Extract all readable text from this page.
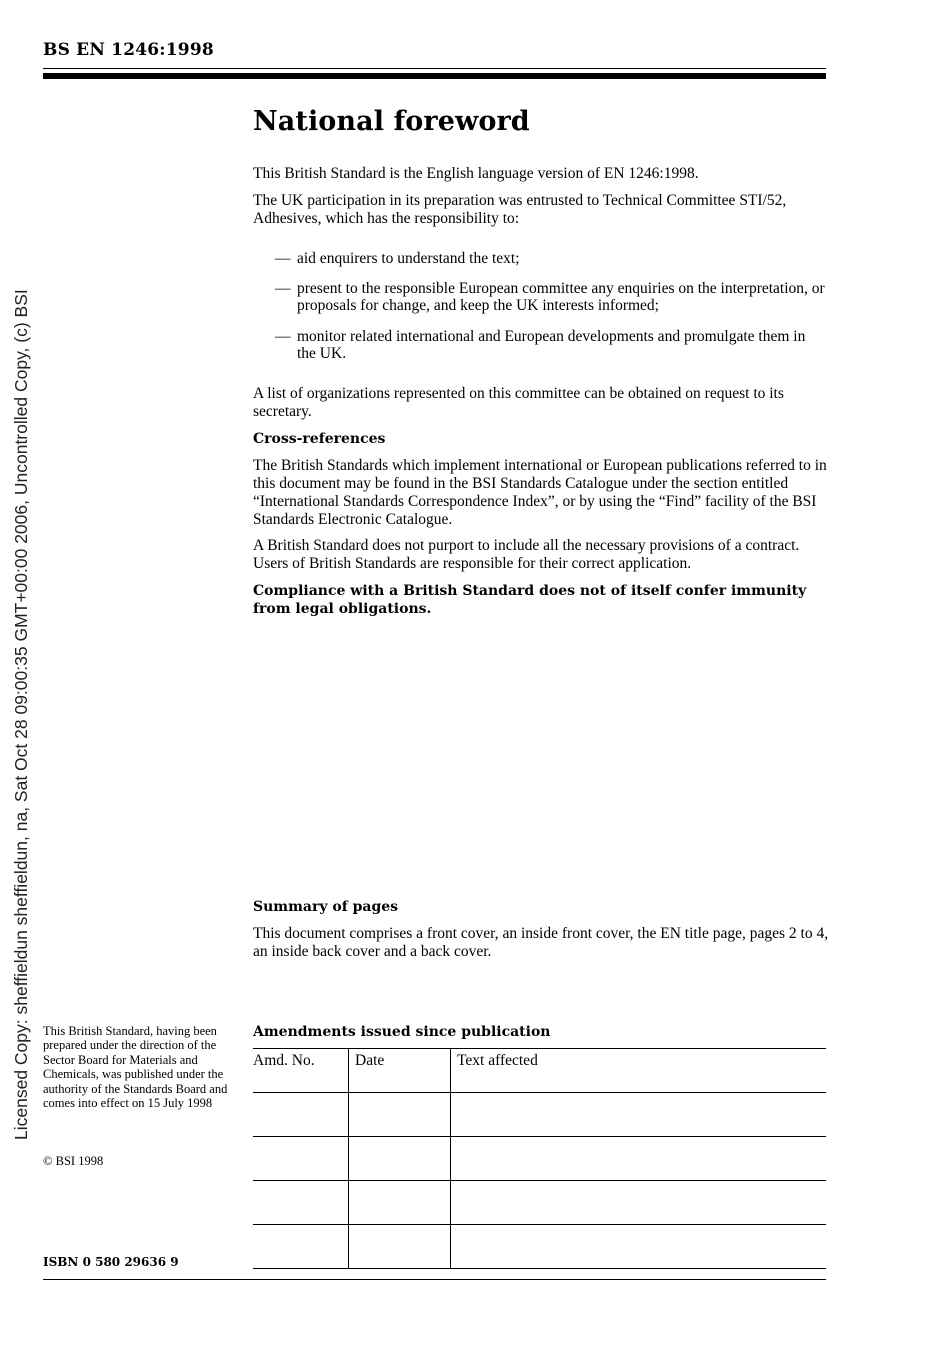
BS EN 1246:1998
Licensed Copy: sheffieldun sheffieldun, na, Sat Oct 28 09:00:35 GMT+00:00 2006, Uncontrolled Copy, (c) BSI
National foreword

This British Standard is the English language version of EN 1246:1998.

The UK participation in its preparation was entrusted to Technical Committee STI/52, Adhesives, which has the responsibility to:

— aid enquirers to understand the text;
— present to the responsible European committee any enquiries on the interpretation, or proposals for change, and keep the UK interests informed;
— monitor related international and European developments and promulgate them in the UK.

A list of organizations represented on this committee can be obtained on request to its secretary.

Cross-references

The British Standards which implement international or European publications referred to in this document may be found in the BSI Standards Catalogue under the section entitled “International Standards Correspondence Index”, or by using the “Find” facility of the BSI Standards Electronic Catalogue.

A British Standard does not purport to include all the necessary provisions of a contract. Users of British Standards are responsible for their correct application.

Compliance with a British Standard does not of itself confer immunity from legal obligations.

Summary of pages

This document comprises a front cover, an inside front cover, the EN title page, pages 2 to 4, an inside back cover and a back cover.

This British Standard, having been prepared under the direction of the Sector Board for Materials and Chemicals, was published under the authority of the Standards Board and comes into effect on 15 July 1998

© BSI 1998
ISBN 0 580 29636 9

Amendments issued since publication

Amd. No.	Date	Text affected
